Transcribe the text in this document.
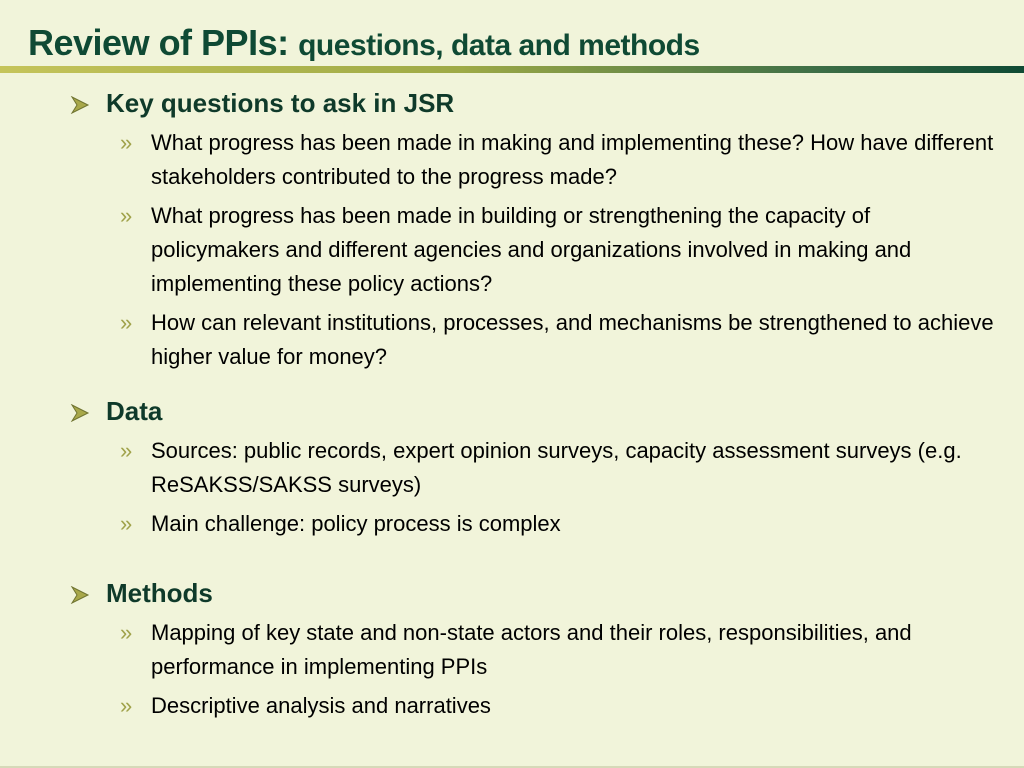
Review of PPIs: questions, data and methods
Key questions to ask in JSR
» What progress has been made in making and implementing these? How have different stakeholders contributed to the progress made?
» What progress has been made in building or strengthening the capacity of policymakers and different agencies and organizations involved in making and implementing these policy actions?
» How can relevant institutions, processes, and mechanisms be strengthened to achieve higher value for money?
Data
» Sources: public records, expert opinion surveys, capacity assessment surveys (e.g. ReSAKSS/SAKSS surveys)
» Main challenge: policy process is complex
Methods
» Mapping of key state and non-state actors and their roles, responsibilities, and performance in implementing PPIs
» Descriptive analysis and narratives
